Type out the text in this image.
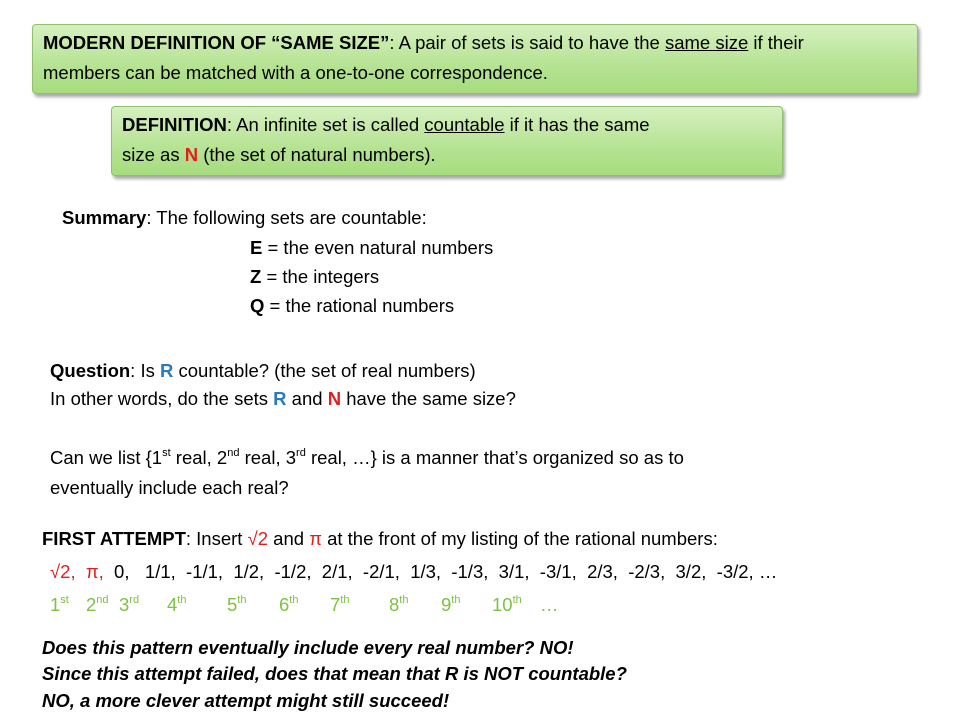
MODERN DEFINITION OF “SAME SIZE”: A pair of sets is said to have the same size if their
members can be matched with a one-to-one correspondence.
DEFINITION: An infinite set is called countable if it has the same
size as N (the set of natural numbers).
Summary: The following sets are countable:
E = the even natural numbers
Z = the integers
Q = the rational numbers
Question: Is R countable? (the set of real numbers)
In other words, do the sets R and N have the same size?
Can we list {1st real, 2nd real, 3rd real, …} is a manner that’s organized so as to
eventually include each real?
FIRST ATTEMPT: Insert √2 and π at the front of my listing of the rational numbers:
√2, π,  0,   1/1,  -1/1,  1/2,  -1/2,  2/1,  -2/1,  1/3,  -1/3,  3/1,  -3/1,  2/3,  -2/3,  3/2,  -3/2, …
1st 2nd 3rd 4th 5th 6th 7th 8th 9th 10th …
Does this pattern eventually include every real number? NO!
Since this attempt failed, does that mean that R is NOT countable?
NO, a more clever attempt might still succeed!
